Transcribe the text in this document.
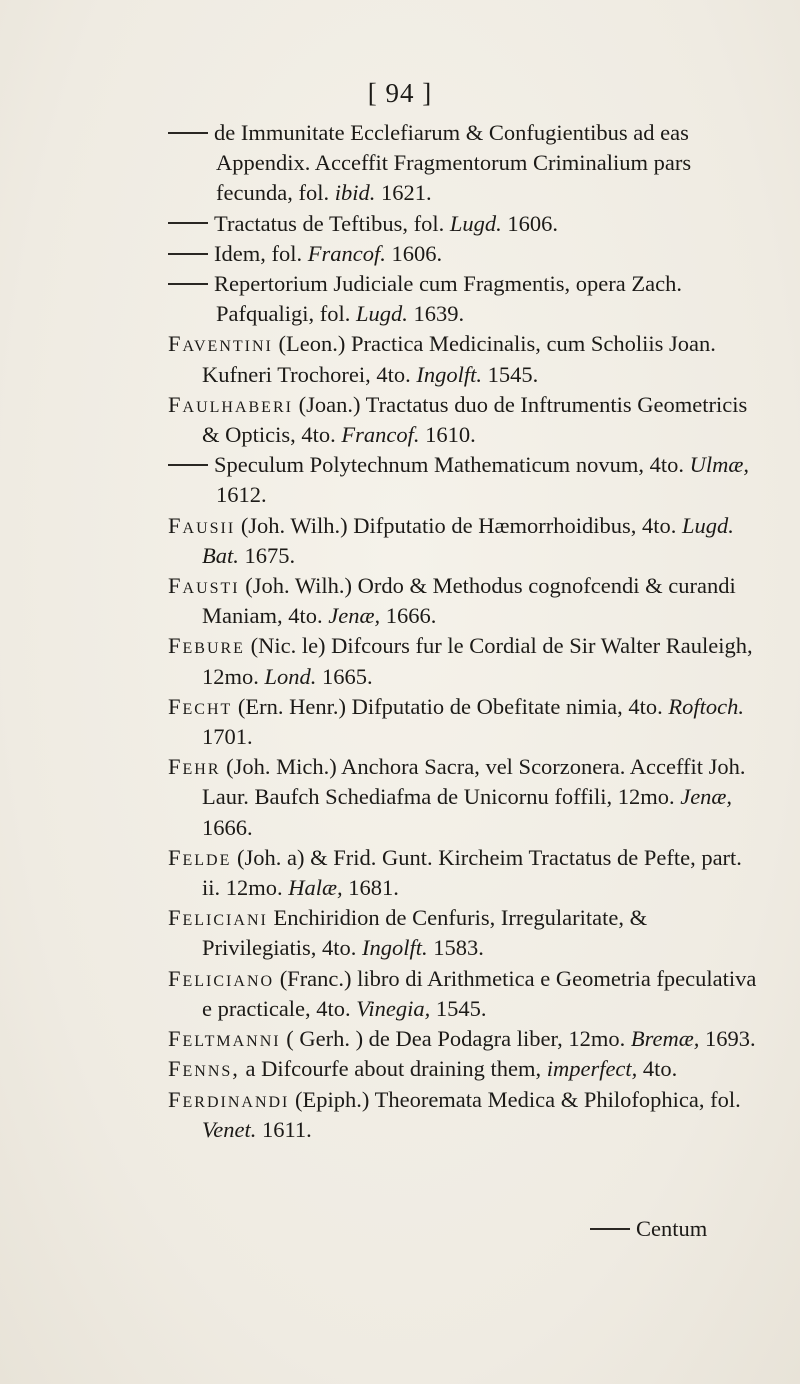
[ 94 ]
de Immunitate Ecclefiarum & Confugientibus ad eas Appendix. Acceffit Fragmentorum Criminalium pars fecunda, fol. ibid. 1621.
Tractatus de Teftibus, fol. Lugd. 1606.
Idem, fol. Francof. 1606.
Repertorium Judiciale cum Fragmentis, opera Zach. Pafqualigi, fol. Lugd. 1639.
Faventini (Leon.) Practica Medicinalis, cum Scholiis Joan. Kufneri Trochorei, 4to. Ingolft. 1545.
Faulhaberi (Joan.) Tractatus duo de Inftrumentis Geometricis & Opticis, 4to. Francof. 1610.
Speculum Polytechnum Mathematicum novum, 4to. Ulmæ, 1612.
Fausii (Joh. Wilh.) Difputatio de Hæmorrhoidibus, 4to. Lugd. Bat. 1675.
Fausti (Joh. Wilh.) Ordo & Methodus cognofcendi & curandi Maniam, 4to. Jenæ, 1666.
Febure (Nic. le) Difcours fur le Cordial de Sir Walter Rauleigh, 12mo. Lond. 1665.
Fecht (Ern. Henr.) Difputatio de Obefitate nimia, 4to. Roftoch. 1701.
Fehr (Joh. Mich.) Anchora Sacra, vel Scorzonera. Acceffit Joh. Laur. Baufch Schediafma de Unicornu foffili, 12mo. Jenæ, 1666.
Felde (Joh. a) & Frid. Gunt. Kircheim Tractatus de Pefte, part. ii. 12mo. Halæ, 1681.
Feliciani Enchiridion de Cenfuris, Irregularitate, & Privilegiatis, 4to. Ingolft. 1583.
Feliciano (Franc.) libro di Arithmetica e Geometria fpeculativa e practicale, 4to. Vinegia, 1545.
Feltmanni ( Gerh. ) de Dea Podagra liber, 12mo. Bremæ, 1693.
Fenns, a Difcourfe about draining them, imperfect, 4to.
Ferdinandi (Epiph.) Theoremata Medica & Philofophica, fol. Venet. 1611.
Centum
